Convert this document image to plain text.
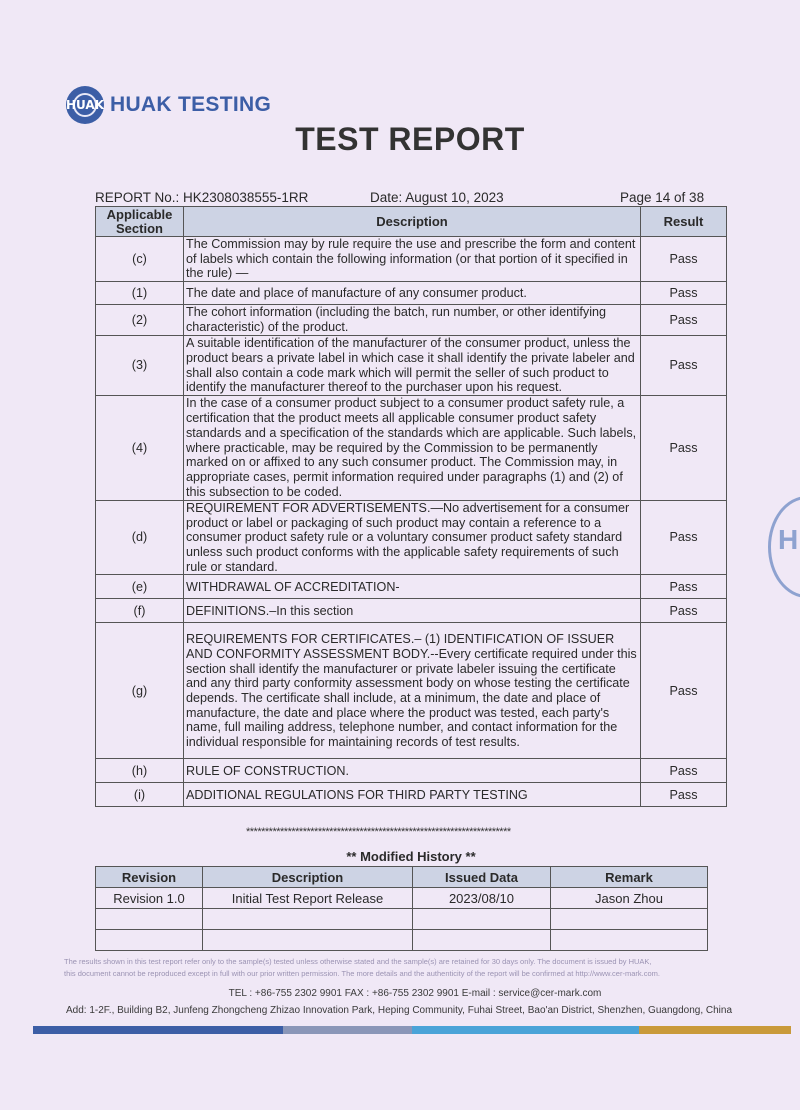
HUAK HUAK TESTING
TEST REPORT
REPORT No.: HK2308038555-1RR	Date: August 10, 2023	Page 14 of 38
H
Applicable Section	Description	Result
(c)	The Commission may by rule require the use and prescribe the form and content of labels which contain the following information (or that portion of it specified in the rule) —	Pass
(1)	The date and place of manufacture of any consumer product.	Pass
(2)	The cohort information (including the batch, run number, or other identifying characteristic) of the product.	Pass
(3)	A suitable identification of the manufacturer of the consumer product, unless the product bears a private label in which case it shall identify the private labeler and shall also contain a code mark which will permit the seller of such product to identify the manufacturer thereof to the purchaser upon his request.	Pass
(4)	In the case of a consumer product subject to a consumer product safety rule, a certification that the product meets all applicable consumer product safety standards and a specification of the standards which are applicable. Such labels, where practicable, may be required by the Commission to be permanently marked on or affixed to any such consumer product. The Commission may, in appropriate cases, permit information required under paragraphs (1) and (2) of this subsection to be coded.	Pass
(d)	REQUIREMENT FOR ADVERTISEMENTS.—No advertisement for a consumer product or label or packaging of such product may contain a reference to a consumer product safety rule or a voluntary consumer product safety standard unless such product conforms with the applicable safety requirements of such rule or standard.	Pass
(e)	WITHDRAWAL OF ACCREDITATION-	Pass
(f)	DEFINITIONS.–In this section	Pass
(g)	REQUIREMENTS FOR CERTIFICATES.– (1) IDENTIFICATION OF ISSUER AND CONFORMITY ASSESSMENT BODY.--Every certificate required under this section shall identify the manufacturer or private labeler issuing the certificate and any third party conformity assessment body on whose testing the certificate depends. The certificate shall include, at a minimum, the date and place of manufacture, the date and place where the product was tested, each party's name, full mailing address, telephone number, and contact information for the individual responsible for maintaining records of test results.	Pass
(h)	RULE OF CONSTRUCTION.	Pass
(i)	ADDITIONAL REGULATIONS FOR THIRD PARTY TESTING	Pass
**********************************************************************
** Modified History **
Revision	Description	Issued Data	Remark
Revision 1.0	Initial Test Report Release	2023/08/10	Jason Zhou

The results shown in this test report refer only to the sample(s) tested unless otherwise stated and the sample(s) are retained for 30 days only. The document is issued by HUAK,
this document cannot be reproduced except in full with our prior written permission. The more details and the authenticity of the report will be confirmed at http://www.cer-mark.com.
TEL : +86-755 2302 9901 FAX : +86-755 2302 9901 E-mail : service@cer-mark.com
Add: 1-2F., Building B2, Junfeng Zhongcheng Zhizao Innovation Park, Heping Community, Fuhai Street, Bao'an District, Shenzhen, Guangdong, China
